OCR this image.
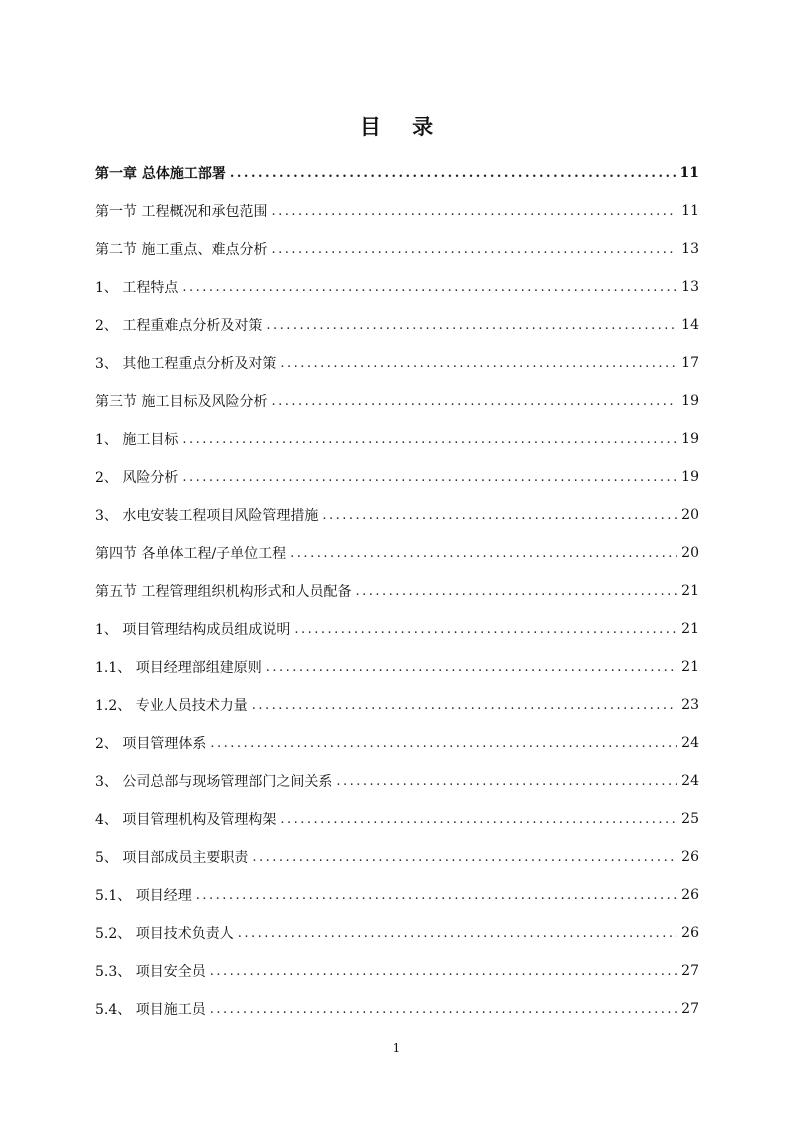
目 录
第一章 总体施工部署 .....	11
第一节 工程概况和承包范围 .....	11
第二节 施工重点、难点分析 .....	13
1、 工程特点 .....	13
2、 工程重难点分析及对策 .....	14
3、 其他工程重点分析及对策 .....	17
第三节 施工目标及风险分析 .....	19
1、 施工目标 .....	19
2、 风险分析 .....	19
3、 水电安装工程项目风险管理措施 .....	20
第四节 各单体工程/子单位工程 .....	20
第五节 工程管理组织机构形式和人员配备 .....	21
1、 项目管理结构成员组成说明 .....	21
1.1、 项目经理部组建原则 .....	21
1.2、 专业人员技术力量 .....	23
2、 项目管理体系 .....	24
3、 公司总部与现场管理部门之间关系 .....	24
4、 项目管理机构及管理构架 .....	25
5、 项目部成员主要职责 .....	26
5.1、 项目经理 .....	26
5.2、 项目技术负责人 .....	26
5.3、 项目安全员 .....	27
5.4、 项目施工员 .....	27
1
